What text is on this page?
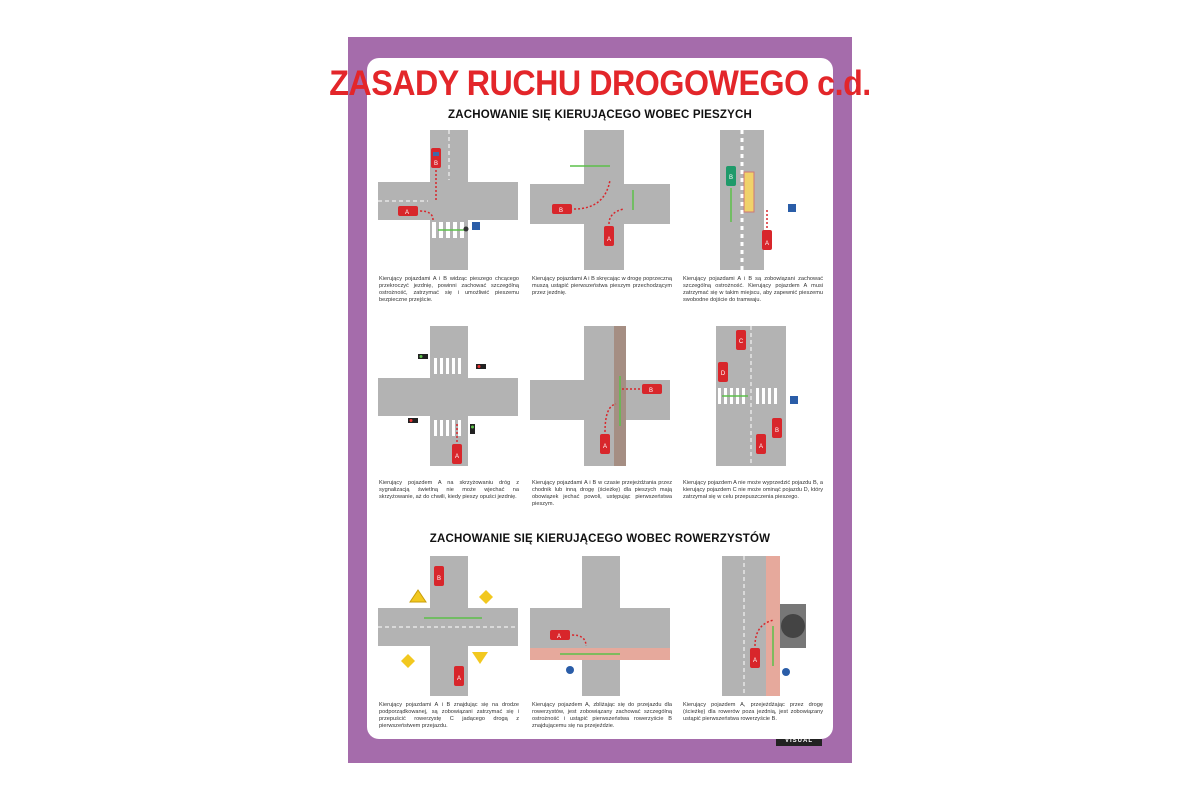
ZASADY RUCHU DROGOWEGO c.d.
ZACHOWANIE SIĘ KIERUJĄCEGO WOBEC PIESZYCH
ZACHOWANIE SIĘ KIERUJĄCEGO WOBEC ROWERZYSTÓW
B
A	B
A
B
A
Kierujący pojazdami A i B widząc pieszego chcącego przekroczyć jezdnię, powinni zachować szczególną ostrożność, zatrzymać się i umożliwić pieszemu bezpieczne przejście.
Kierujący pojazdami A i B skręcając w drogę poprzeczną muszą ustąpić pierwszeństwa pieszym przechodzącym przez jezdnię.
Kierujący pojazdami A i B są zobowiązani zachować szczególną ostrożność. Kierujący pojazdem A musi zatrzymać się w takim miejscu, aby zapewnić pieszemu swobodne dojście do tramwaju.
A
B
A
C
D
A
B
Kierujący pojazdem A na skrzyżowaniu dróg z sygnalizacją świetlną nie może wjechać na skrzyżowanie, aż do chwili, kiedy pieszy opuści jezdnię.
Kierujący pojazdami A i B w czasie przejeżdżania przez chodnik lub inną drogę (ścieżkę) dla pieszych mają obowiązek jechać powoli, ustępując pierwszeństwa pieszym.
Kierujący pojazdem A nie może wyprzedzić pojazdu B, a kierujący pojazdem C nie może ominąć pojazdu D, który zatrzymał się w celu przepuszczenia pieszego.
B
A
A
A
Kierujący pojazdami A i B znajdując się na drodze podporządkowanej, są zobowiązani zatrzymać się i przepuścić rowerzystę C jadącego drogą z pierwszeństwem przejazdu.
Kierujący pojazdem A, zbliżając się do przejazdu dla rowerzystów, jest zobowiązany zachować szczególną ostrożność i ustąpić pierwszeństwa rowerzyście B znajdującemu się na przejeździe.
Kierujący pojazdem A, przejeżdżając przez drogę (ścieżkę) dla rowerów poza jezdnią, jest zobowiązany ustąpić pierwszeństwa rowerzyście B.
VISUAL
